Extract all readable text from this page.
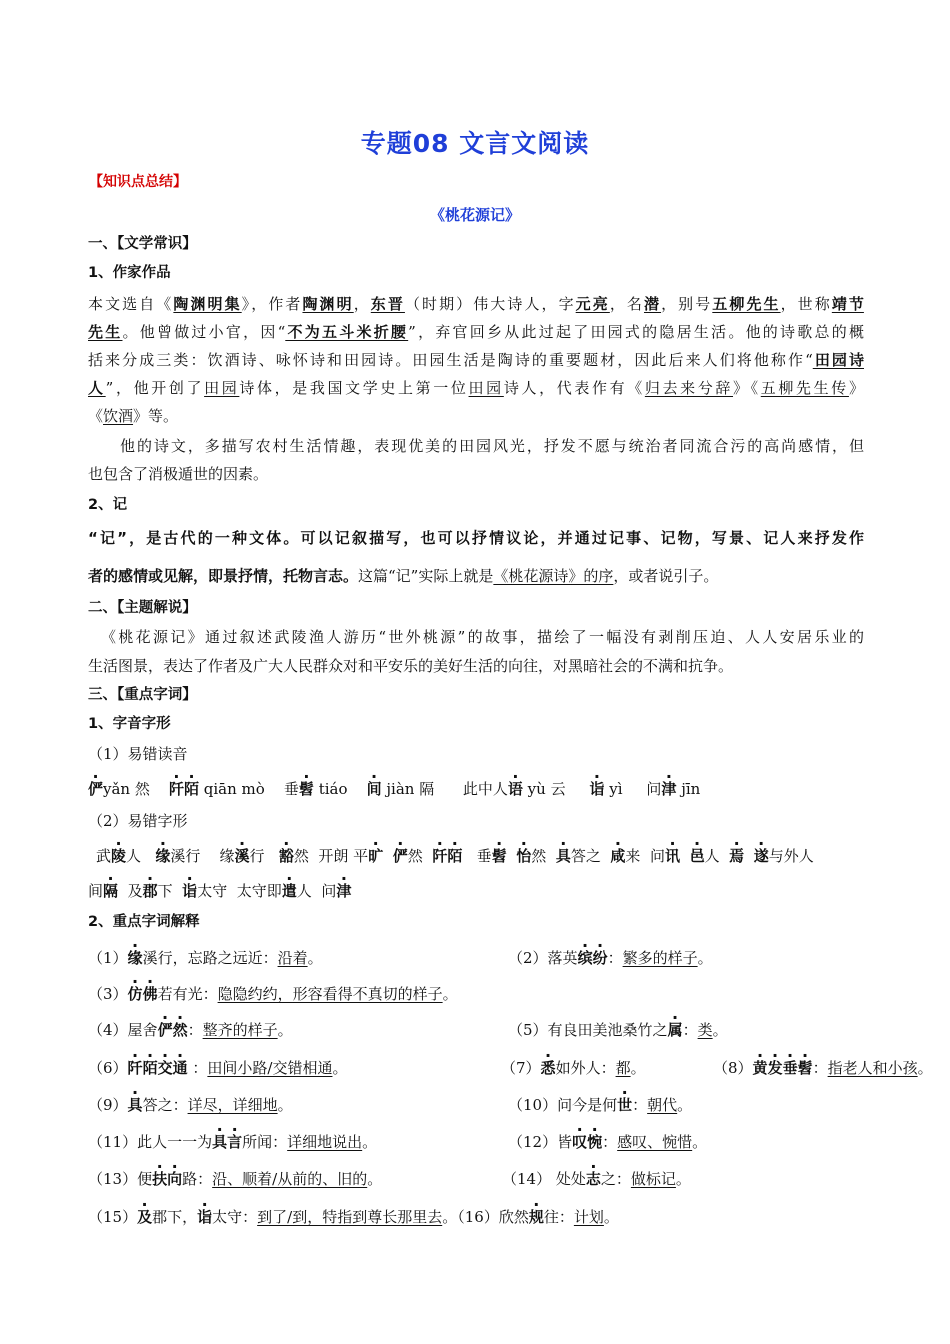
专题08 文言文阅读
【知识点总结】
《桃花源记》
一、【文学常识】
1、作家作品
本文选自《陶渊明集》，作者陶渊明，东晋（时期）伟大诗人，字元亮，名潜，别号五柳先生，世称靖节
先生。他曾做过小官，因“不为五斗米折腰”，弃官回乡从此过起了田园式的隐居生活。他的诗歌总的概
括来分成三类：饮酒诗、咏怀诗和田园诗。田园生活是陶诗的重要题材，因此后来人们将他称作“田园诗
人”，他开创了田园诗体，是我国文学史上第一位田园诗人，代表作有《归去来兮辞》《五柳先生传》
《饮酒》等。
他的诗文，多描写农村生活情趣，表现优美的田园风光，抒发不愿与统治者同流合污的高尚感情，但
也包含了消极遁世的因素。
2、记
“记”，是古代的一种文体。可以记叙描写，也可以抒情议论，并通过记事、记物，写景、记人来抒发作
者的感情或见解，即景抒情，托物言志。这篇“记”实际上就是《桃花源诗》的序，或者说引子。
二、【主题解说】
《桃花源记》通过叙述武陵渔人游历“世外桃源”的故事，描绘了一幅没有剥削压迫、人人安居乐业的
生活图景，表达了作者及广大人民群众对和平安乐的美好生活的向往，对黑暗社会的不满和抗争。
三、【重点字词】
1、字音字形
（1）易错读音
俨yǎn 然 阡陌 qiān mò 垂髫 tiáo 间 jiàn 隔 此中人语 yù 云 诣 yì 问津 jīn
（2）易错字形
武陵人 缘溪行 缘溪行 豁然 开朗 平旷 俨然 阡陌 垂髫 怡然 具答之 咸来 问讯 邑人 焉 遂与外人
间隔 及郡下 诣太守 太守即遣人 问津
2、重点字词解释
（1）缘溪行，忘路之远近：沿着。	（2）落英缤纷：繁多的样子。
（3）仿佛若有光：隐隐约约，形容看得不真切的样子。
（4）屋舍俨然：整齐的样子。	（5）有良田美池桑竹之属：类。
（6）阡陌交通 ：田间小路/交错相通。	（7）悉如外人：都。	（8）黄发垂髫：指老人和小孩。
（9）具答之：详尽，详细地。	（10）问今是何世：朝代。
（11）此人一一为具言所闻：详细地说出。	（12）皆叹惋：感叹、惋惜。
（13）便扶向路：沿、顺着/从前的、旧的。	（14） 处处志之：做标记。
（15）及郡下，诣太守：到了/到，特指到尊长那里去。（16）欣然规往：计划。
